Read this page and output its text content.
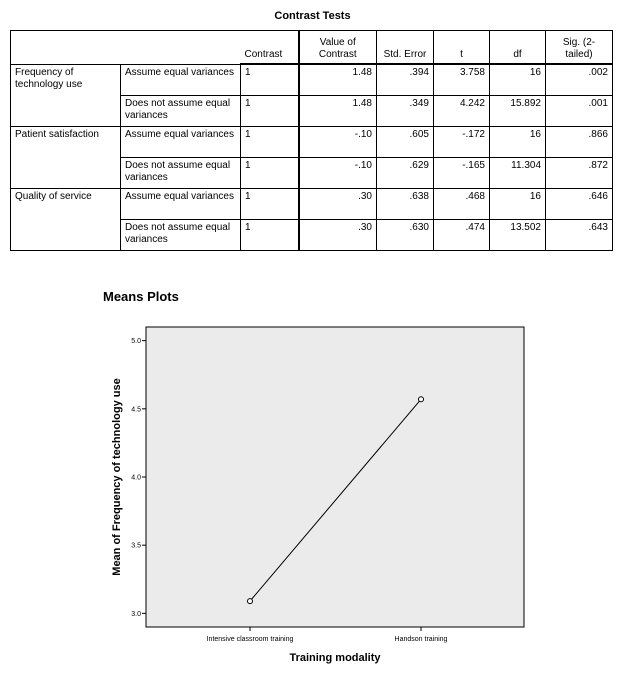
Contrast Tests
		Contrast	Value of Contrast	Std. Error	t	df	Sig. (2-tailed)
Frequency of technology use	Assume equal variances	1	1.48	.394	3.758	16	.002
	Does not assume equal variances	1	1.48	.349	4.242	15.892	.001
Patient satisfaction	Assume equal variances	1	-.10	.605	-.172	16	.866
	Does not assume equal variances	1	-.10	.629	-.165	11.304	.872
Quality of service	Assume equal variances	1	.30	.638	.468	16	.646
	Does not assume equal variances	1	.30	.630	.474	13.502	.643
Means Plots
3.0
3.5
4.0
4.5
5.0
Intensive classroom training	Handson training
Training modality
Mean of Frequency of technology use
